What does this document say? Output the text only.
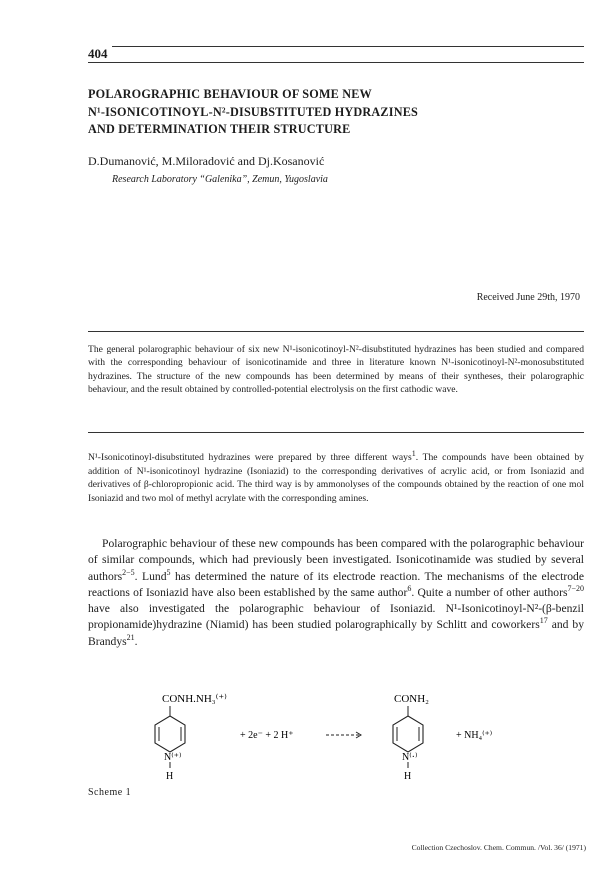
404
POLAROGRAPHIC BEHAVIOUR OF SOME NEW
N¹-ISONICOTINOYL-N²-DISUBSTITUTED HYDRAZINES
AND DETERMINATION THEIR STRUCTURE
D.Dumanović, M.Miloradović and Dj.Kosanović
Research Laboratory “Galenika”, Zemun, Yugoslavia
Received June 29th, 1970
The general polarographic behaviour of six new N¹-isonicotinoyl-N²-disubstituted hydrazines has been studied and compared with the corresponding behaviour of isonicotinamide and three in literature known N¹-isonicotinoyl-N²-monosubstituted hydrazines. The structure of the new compounds has been determined by means of their syntheses, their polarographic behaviour, and the result obtained by controlled-potential electrolysis on the first cathodic wave.
N¹-Isonicotinoyl-disubstituted hydrazines were prepared by three different ways$^1$. The compounds have been obtained by addition of N¹-isonicotinoyl hydrazine (Isoniazid) to the corresponding derivatives of acrylic acid, or from Isoniazid and derivatives of β-chloropropionic acid. The third way is by ammonolyses of the compounds obtained by the reaction of one mol Isoniazid and two mol of methyl acrylate with the corresponding amines.
Polarographic behaviour of these new compounds has been compared with the polarographic behaviour of similar compounds, which had previously been investigated. Isonicotinamide was studied by several authors$^{2-5}$. Lund$^5$ has determined the nature of its electrode reaction. The mechanisms of the electrode reactions of Isoniazid have also been established by the same author$^6$. Quite a number of other authors$^{7-20}$ have also investigated the polarographic behaviour of Isoniazid. N¹-Isonicotinoyl-N²-(β-benzil propionamide)hydrazine (Niamid) has been studied polarographically by Schlitt and coworkers$^{17}$ and by Brandys$^{21}$.
CONH.NH₃⁽⁺⁾
N⁽⁺⁾
H
+ 2e⁻ + 2 H⁺
CONH₂
N⁽·⁾
H
+ NH₄⁽⁺⁾
Scheme 1
Collection Czechoslov. Chem. Commun. /Vol. 36/ (1971)
